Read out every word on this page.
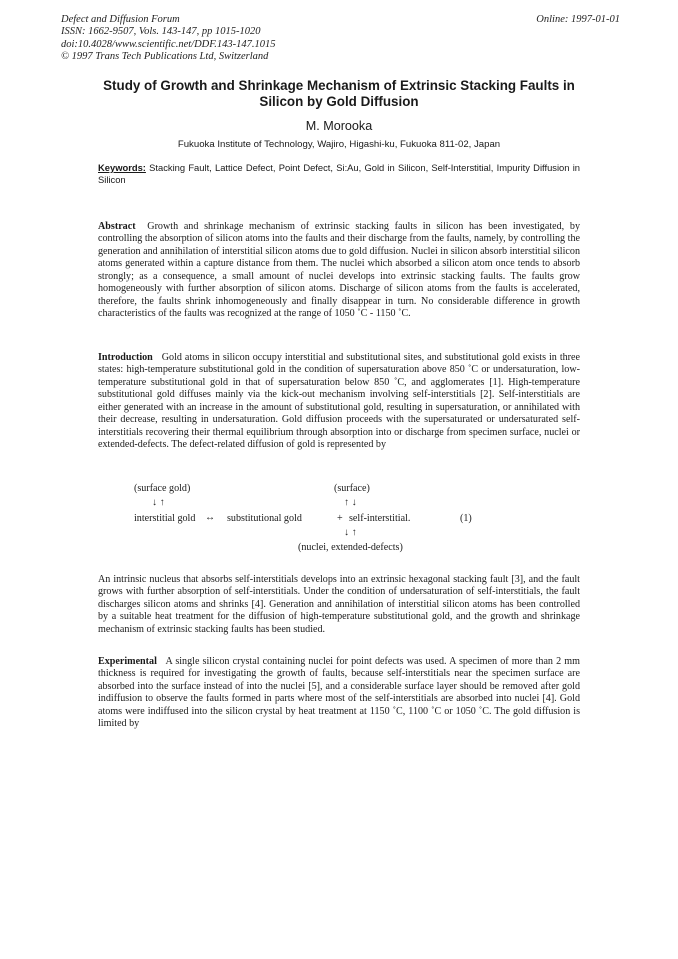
Defect and Diffusion Forum
ISSN: 1662-9507, Vols. 143-147, pp 1015-1020
doi:10.4028/www.scientific.net/DDF.143-147.1015
© 1997 Trans Tech Publications Ltd, Switzerland
Online: 1997-01-01
Study of Growth and Shrinkage Mechanism of Extrinsic Stacking Faults in Silicon by Gold Diffusion
M. Morooka
Fukuoka Institute of Technology, Wajiro, Higashi-ku, Fukuoka 811-02, Japan
Keywords: Stacking Fault, Lattice Defect, Point Defect, Si:Au, Gold in Silicon, Self-Interstitial, Impurity Diffusion in Silicon
Abstract Growth and shrinkage mechanism of extrinsic stacking faults in silicon has been investigated, by controlling the absorption of silicon atoms into the faults and their discharge from the faults, namely, by controlling the generation and annihilation of interstitial silicon atoms due to gold diffusion. Nuclei in silicon absorb interstitial silicon atoms generated within a capture distance from them. The nuclei which absorbed a silicon atom once tends to absorb strongly; as a consequence, a small amount of nuclei develops into extrinsic stacking faults. The faults grow homogeneously with further absorption of silicon atoms. Discharge of silicon atoms from the faults is accelerated, therefore, the faults shrink inhomogeneously and finally disappear in turn. No considerable difference in growth characteristics of the faults was recognized at the range of 1050 ˚C - 1150 ˚C.
Introduction Gold atoms in silicon occupy interstitial and substitutional sites, and substitutional gold exists in three states: high-temperature substitutional gold in the condition of supersaturation above 850 ˚C or undersaturation, low-temperature substitutional gold in that of supersaturation below 850 ˚C, and agglomerates [1]. High-temperature substitutional gold diffuses mainly via the kick-out mechanism involving self-interstitials [2]. Self-interstitials are either generated with an increase in the amount of substitutional gold, resulting in supersaturation, or annihilated with their decrease, resulting in undersaturation. Gold diffusion proceeds with the supersaturated or undersaturated self-interstitials recovering their thermal equilibrium through absorption into or discharge from specimen surface, nuclei or extended-defects. The defect-related diffusion of gold is represented by
(surface gold)	(surface)
↓ ↑	↑ ↓
interstitial gold ↔ substitutional gold	+ self-interstitial.	(1)
↓ ↑
(nuclei, extended-defects)
An intrinsic nucleus that absorbs self-interstitials develops into an extrinsic hexagonal stacking fault [3], and the fault grows with further absorption of self-interstitials. Under the condition of undersaturation of self-interstitials, the fault discharges silicon atoms and shrinks [4]. Generation and annihilation of interstitial silicon atoms has been controlled by a suitable heat treatment for the diffusion of high-temperature substitutional gold, and the growth and shrinkage mechanism of extrinsic stacking faults has been studied.
Experimental A single silicon crystal containing nuclei for point defects was used. A specimen of more than 2 mm thickness is required for investigating the growth of faults, because self-interstitials near the specimen surface are absorbed into the surface instead of into the nuclei [5], and a considerable surface layer should be removed after gold indiffusion to observe the faults formed in parts where most of the self-interstitials are absorbed into nuclei [4]. Gold atoms were indiffused into the silicon crystal by heat treatment at 1150 ˚C, 1100 ˚C or 1050 ˚C. The gold diffusion is limited by
